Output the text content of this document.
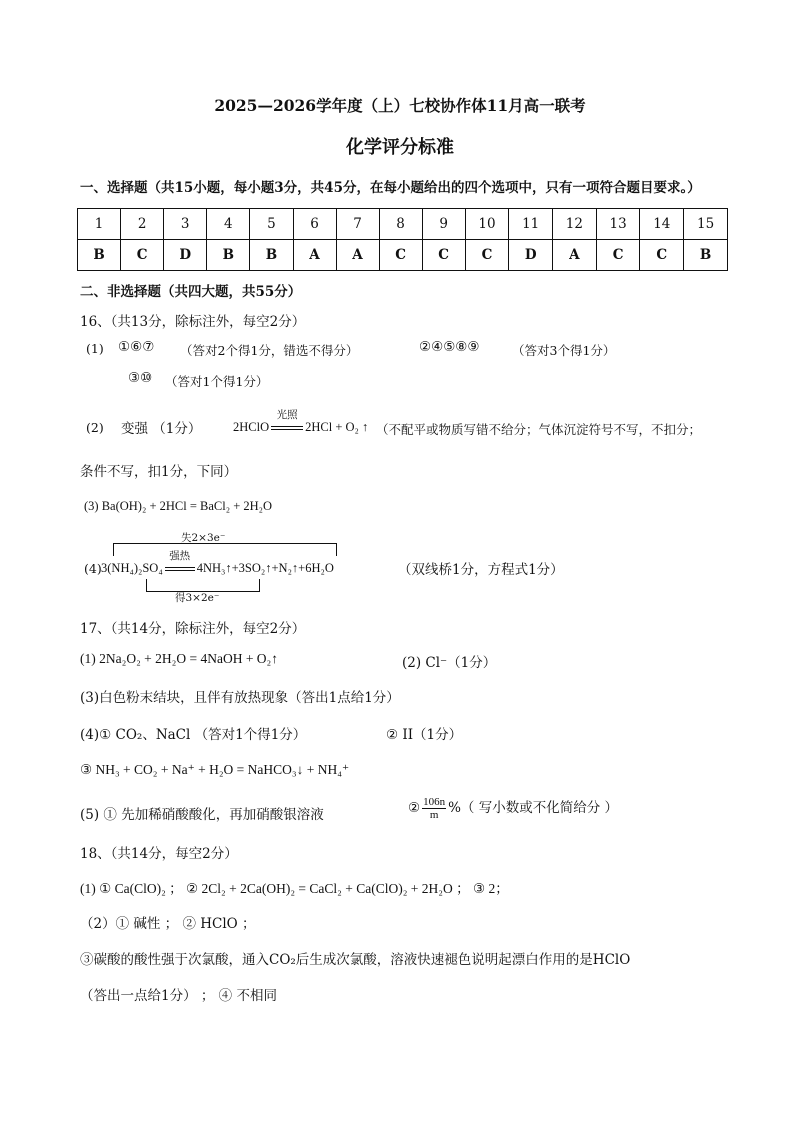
2025—2026学年度（上）七校协作体11月高一联考
化学评分标准
一、选择题（共15小题，每小题3分，共45分，在每小题给出的四个选项中，只有一项符合题目要求。）
1	2	3	4	5	6	7	8	9	10	11	12	13	14	15
B	C	D	B	B	A	A	C	C	C	D	A	C	C	B
二、非选择题（共四大题，共55分）
16、（共13分，除标注外，每空2分）
(1) ①⑥⑦ （答对2个得1分，错选不得分）	②④⑤⑧⑨	（答对3个得1分）
③⑩ （答对1个得1分）
(2) 变强 （1分）	2HClO
光照
2HCl + O₂ ↑ （不配平或物质写错不给分；气体沉淀符号不写，不扣分；
条件不写，扣1分，下同）
(3) Ba(OH)₂ + 2HCl = BaCl₂ + 2H₂O
失2×3e⁻
(4) 3(NH₄)₂SO₄
强热
4NH₃↑+3SO₂↑+N₂↑+6H₂O
得3×2e⁻
（双线桥1分，方程式1分）
17、（共14分，除标注外，每空2分）
(1) 2Na₂O₂ + 2H₂O = 4NaOH + O₂↑	(2) Cl⁻（1分）
(3)白色粉末结块，且伴有放热现象（答出1点给1分）
(4)① CO₂、NaCl （答对1个得1分）	② II（1分）
③ NH₃ + CO₂ + Na⁺ + H₂O = NaHCO₃↓ + NH₄⁺
(5) ① 先加稀硝酸酸化，再加硝酸银溶液	② $\frac{106n}{m}$ %（ 写小数或不化简给分 ）
18、（共14分，每空2分）
(1) ① Ca(ClO)₂ ； ② 2Cl₂ + 2Ca(OH)₂ = CaCl₂ + Ca(ClO)₂ + 2H₂O ； ③ 2；
（2）① 碱性 ； ② HClO ；
③碳酸的酸性强于次氯酸，通入CO₂后生成次氯酸，溶液快速褪色说明起漂白作用的是HClO
（答出一点给1分） ； ④ 不相同
